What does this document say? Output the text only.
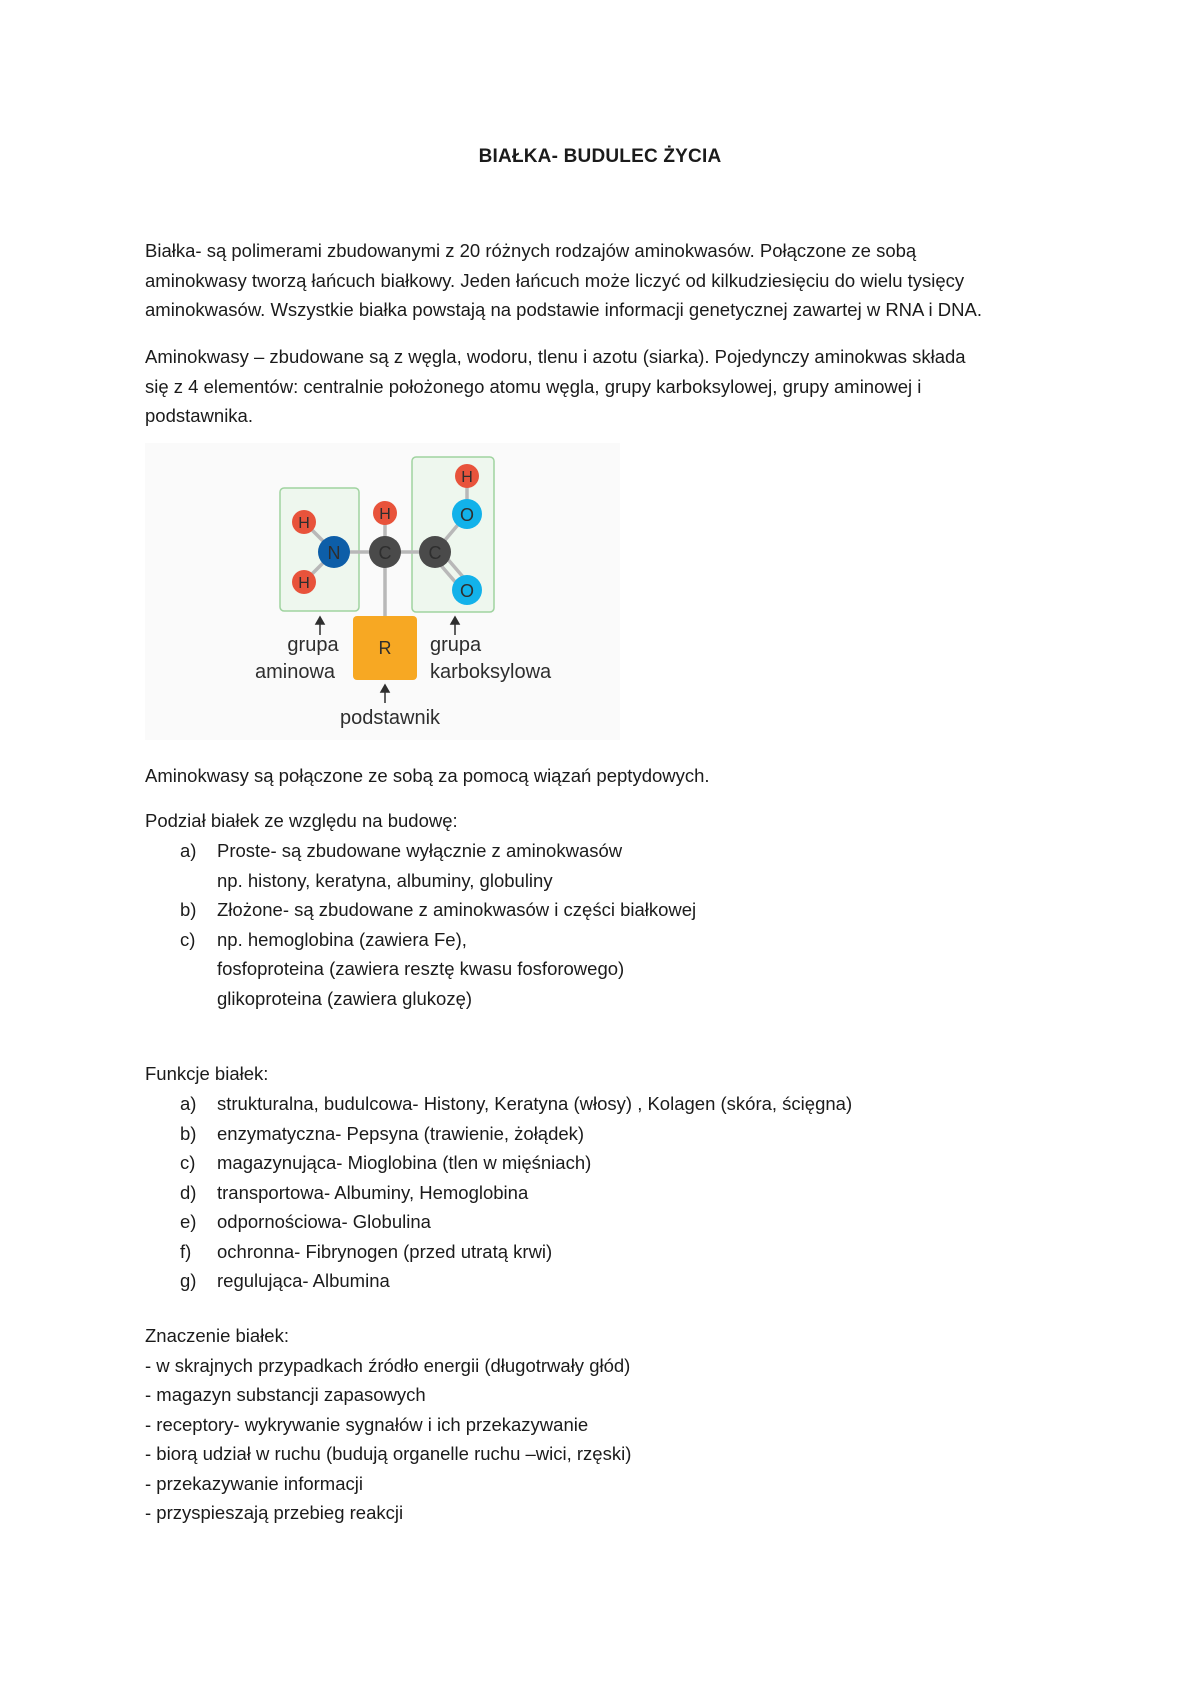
BIAŁKA- BUDULEC ŻYCIA
Białka- są polimerami zbudowanymi z 20 różnych rodzajów aminokwasów. Połączone ze sobą
aminokwasy tworzą łańcuch białkowy. Jeden łańcuch może liczyć od kilkudziesięciu do wielu tysięcy
aminokwasów. Wszystkie białka powstają na podstawie informacji genetycznej zawartej w RNA i DNA.
Aminokwasy – zbudowane są z węgla, wodoru, tlenu i azotu (siarka). Pojedynczy aminokwas składa
się z 4 elementów: centralnie położonego atomu węgla, grupy karboksylowej, grupy aminowej i
podstawnika.
H
H
N
H
C C
H
O
O
R
grupa
aminowa
grupa
karboksylowa
podstawnik
Aminokwasy są połączone ze sobą za pomocą wiązań peptydowych.
Podział białek ze względu na budowę:
a) Proste- są zbudowane wyłącznie z aminokwasów
np. histony, keratyna, albuminy, globuliny
b) Złożone- są zbudowane z aminokwasów i części białkowej
c) np. hemoglobina (zawiera Fe),
fosfoproteina (zawiera resztę kwasu fosforowego)
glikoproteina (zawiera glukozę)
Funkcje białek:
a) strukturalna, budulcowa- Histony, Keratyna (włosy) , Kolagen (skóra, ścięgna)
b) enzymatyczna- Pepsyna (trawienie, żołądek)
c) magazynująca- Mioglobina (tlen w mięśniach)
d) transportowa- Albuminy, Hemoglobina
e) odpornościowa- Globulina
f) ochronna- Fibrynogen (przed utratą krwi)
g) regulująca- Albumina
Znaczenie białek:
- w skrajnych przypadkach źródło energii (długotrwały głód)
- magazyn substancji zapasowych
- receptory- wykrywanie sygnałów i ich przekazywanie
- biorą udział w ruchu (budują organelle ruchu –wici, rzęski)
- przekazywanie informacji
- przyspieszają przebieg reakcji
